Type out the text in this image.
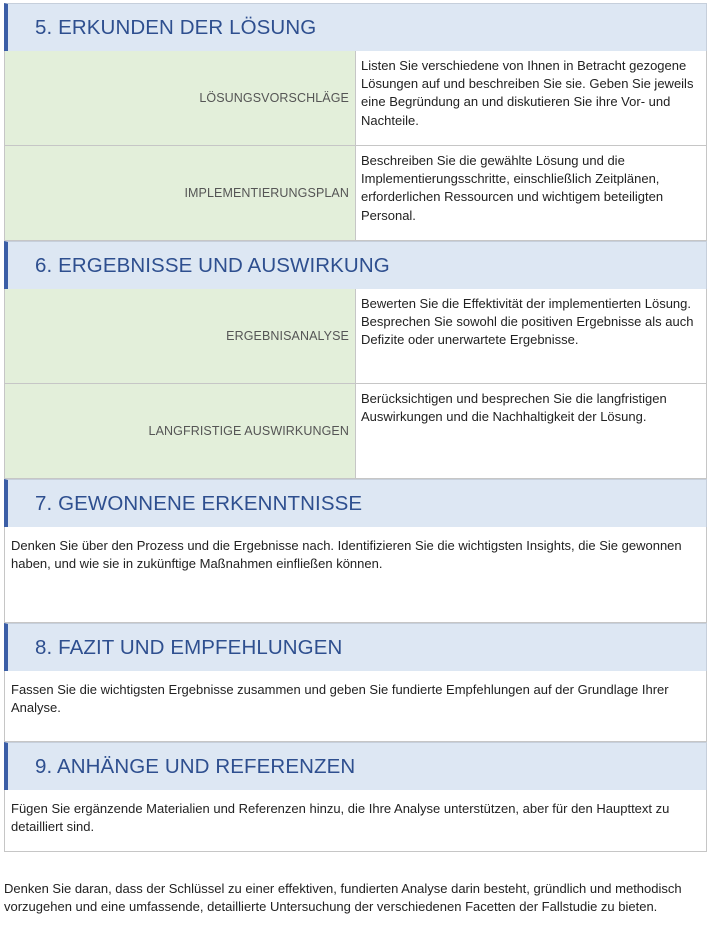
5. ERKUNDEN DER LÖSUNG
LÖSUNGSVORSCHLÄGE
Listen Sie verschiedene von Ihnen in Betracht gezogene Lösungen auf und beschreiben Sie sie. Geben Sie jeweils eine Begründung an und diskutieren Sie ihre Vor- und Nachteile.
IMPLEMENTIERUNGSPLAN
Beschreiben Sie die gewählte Lösung und die Implementierungsschritte, einschließlich Zeitplänen, erforderlichen Ressourcen und wichtigem beteiligten Personal.
6. ERGEBNISSE UND AUSWIRKUNG
ERGEBNISANALYSE
Bewerten Sie die Effektivität der implementierten Lösung. Besprechen Sie sowohl die positiven Ergebnisse als auch Defizite oder unerwartete Ergebnisse.
LANGFRISTIGE AUSWIRKUNGEN
Berücksichtigen und besprechen Sie die langfristigen Auswirkungen und die Nachhaltigkeit der Lösung.
7. GEWONNENE ERKENNTNISSE
Denken Sie über den Prozess und die Ergebnisse nach. Identifizieren Sie die wichtigsten Insights, die Sie gewonnen haben, und wie sie in zukünftige Maßnahmen einfließen können.
8. FAZIT UND EMPFEHLUNGEN
Fassen Sie die wichtigsten Ergebnisse zusammen und geben Sie fundierte Empfehlungen auf der Grundlage Ihrer Analyse.
9. ANHÄNGE UND REFERENZEN
Fügen Sie ergänzende Materialien und Referenzen hinzu, die Ihre Analyse unterstützen, aber für den Haupttext zu detailliert sind.
Denken Sie daran, dass der Schlüssel zu einer effektiven, fundierten Analyse darin besteht, gründlich und methodisch vorzugehen und eine umfassende, detaillierte Untersuchung der verschiedenen Facetten der Fallstudie zu bieten.
